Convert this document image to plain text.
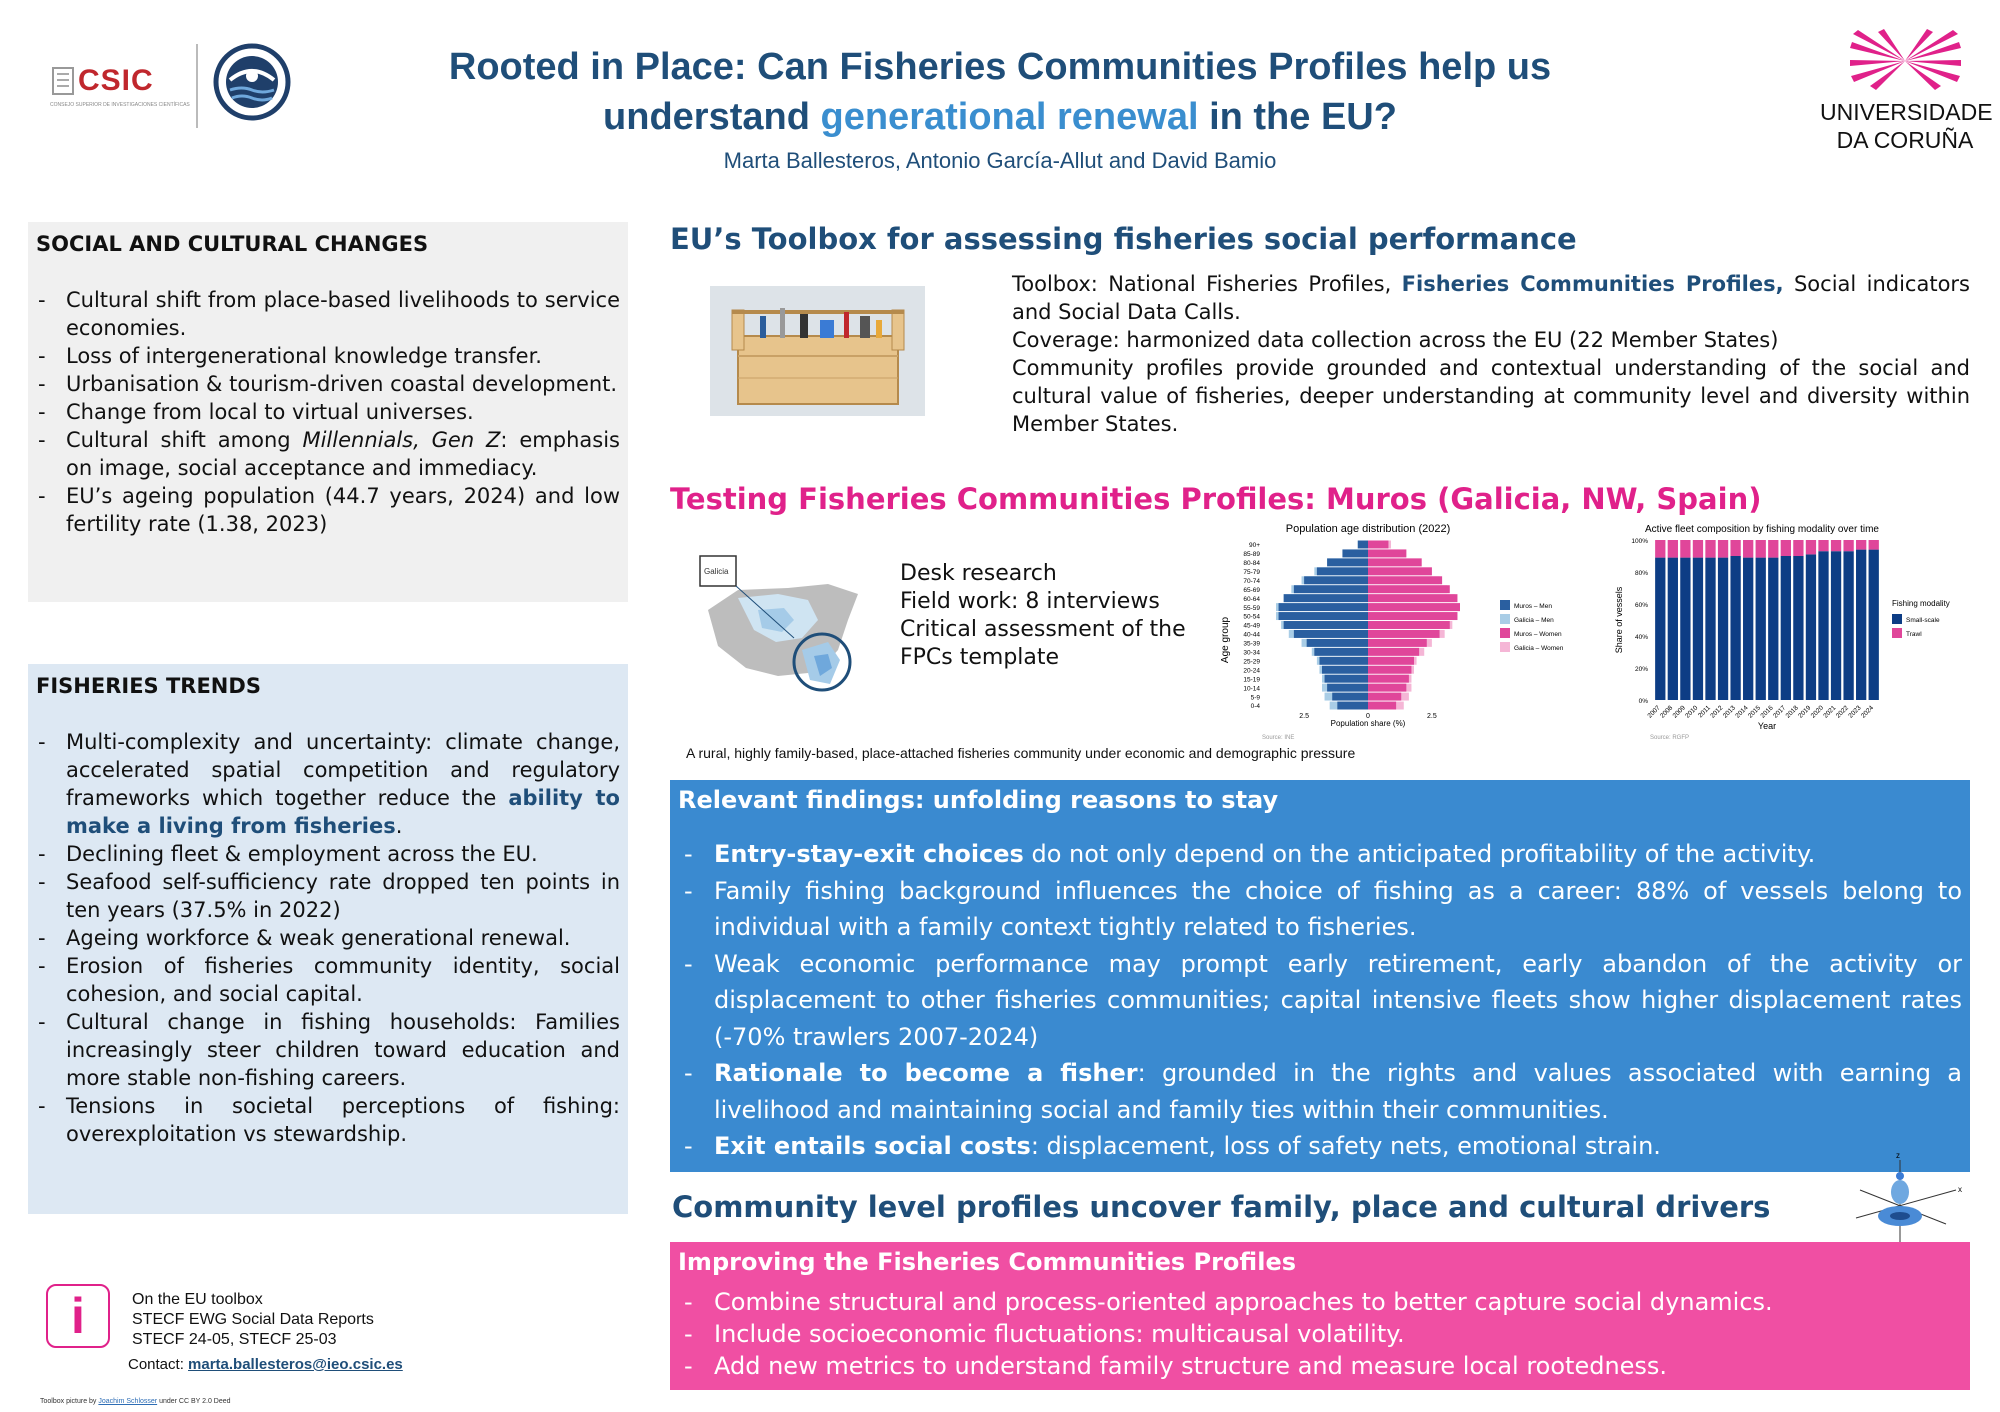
CSIC
CONSEJO SUPERIOR DE INVESTIGACIONES CIENTÍFICAS
Rooted in Place: Can Fisheries Communities Profiles help us
understand generational renewal in the EU?
Marta Ballesteros, Antonio García-Allut and David Bamio
UNIVERSIDADE
DA CORUÑA
SOCIAL AND CULTURAL CHANGES
- Cultural shift from place-based livelihoods to service economies.
- Loss of intergenerational knowledge transfer.
- Urbanisation & tourism-driven coastal development.
- Change from local to virtual universes.
- Cultural shift among Millennials, Gen Z: emphasis on image, social acceptance and immediacy.
- EU’s ageing population (44.7 years, 2024) and low fertility rate (1.38, 2023)
FISHERIES TRENDS
- Multi-complexity and uncertainty: climate change, accelerated spatial competition and regulatory frameworks which together reduce the ability to make a living from fisheries.
- Declining fleet & employment across the EU.
- Seafood self-sufficiency rate dropped ten points in ten years (37.5% in 2022)
- Ageing workforce & weak generational renewal.
- Erosion of fisheries community identity, social cohesion, and social capital.
- Cultural change in fishing households: Families increasingly steer children toward education and more stable non-fishing careers.
- Tensions in societal perceptions of fishing: overexploitation vs stewardship.
i	On the EU toolbox
STECF EWG Social Data Reports
STECF 24-05, STECF 25-03
Contact: marta.ballesteros@ieo.csic.es
Toolbox picture by Joachim Schlosser under CC BY 2.0 Deed
EU’s Toolbox for assessing fisheries social performance
Toolbox: National Fisheries Profiles, Fisheries Communities Profiles, Social indicators and Social Data Calls.
Coverage: harmonized data collection across the EU (22 Member States)
Community profiles provide grounded and contextual understanding of the social and cultural value of fisheries, deeper understanding at community level and diversity within Member States.
Testing Fisheries Communities Profiles: Muros (Galicia, NW, Spain)
Galicia	Desk research
Field work: 8 interviews
Critical assessment of the
FPCs template
A rural, highly family-based, place-attached fisheries community under economic and demographic pressure
Population age distribution (2022)
Age group
0-4
5-9
10-14
15-19
20-24
25-29
30-34
35-39
40-44
45-49
50-54
55-59
60-64
65-69
70-74
75-79
80-84
85-89
90+
2.5	0	2.5
Population share (%)
Source: INE
Muros – Men
Galicia – Men
Muros – Women
Galicia – Women
Active fleet composition by fishing modality over time
Share of vessels
0%
20%
40%
60%
80%
100%
2007
2008
2009
2010
2011
2012
2013
2014
2015
2016
2017
2018
2019
2020
2021
2022
2023
2024
Year
Source: RGFP
Fishing modality
Small-scale
Trawl
Relevant findings: unfolding reasons to stay
- Entry-stay-exit choices do not only depend on the anticipated profitability of the activity.
- Family fishing background influences the choice of fishing as a career: 88% of vessels belong to individual with a family context tightly related to fisheries.
- Weak economic performance may prompt early retirement, early abandon of the activity or displacement to other fisheries communities; capital intensive fleets show higher displacement rates (-70% trawlers 2007-2024)
- Rationale to become a fisher: grounded in the rights and values associated with earning a livelihood and maintaining social and family ties within their communities.
- Exit entails social costs: displacement, loss of safety nets, emotional strain.
Community level profiles uncover family, place and cultural drivers
z
x
Improving the Fisheries Communities Profiles
- Combine structural and process-oriented approaches to better capture social dynamics.
- Include socioeconomic fluctuations: multicausal volatility.
- Add new metrics to understand family structure and measure local rootedness.
